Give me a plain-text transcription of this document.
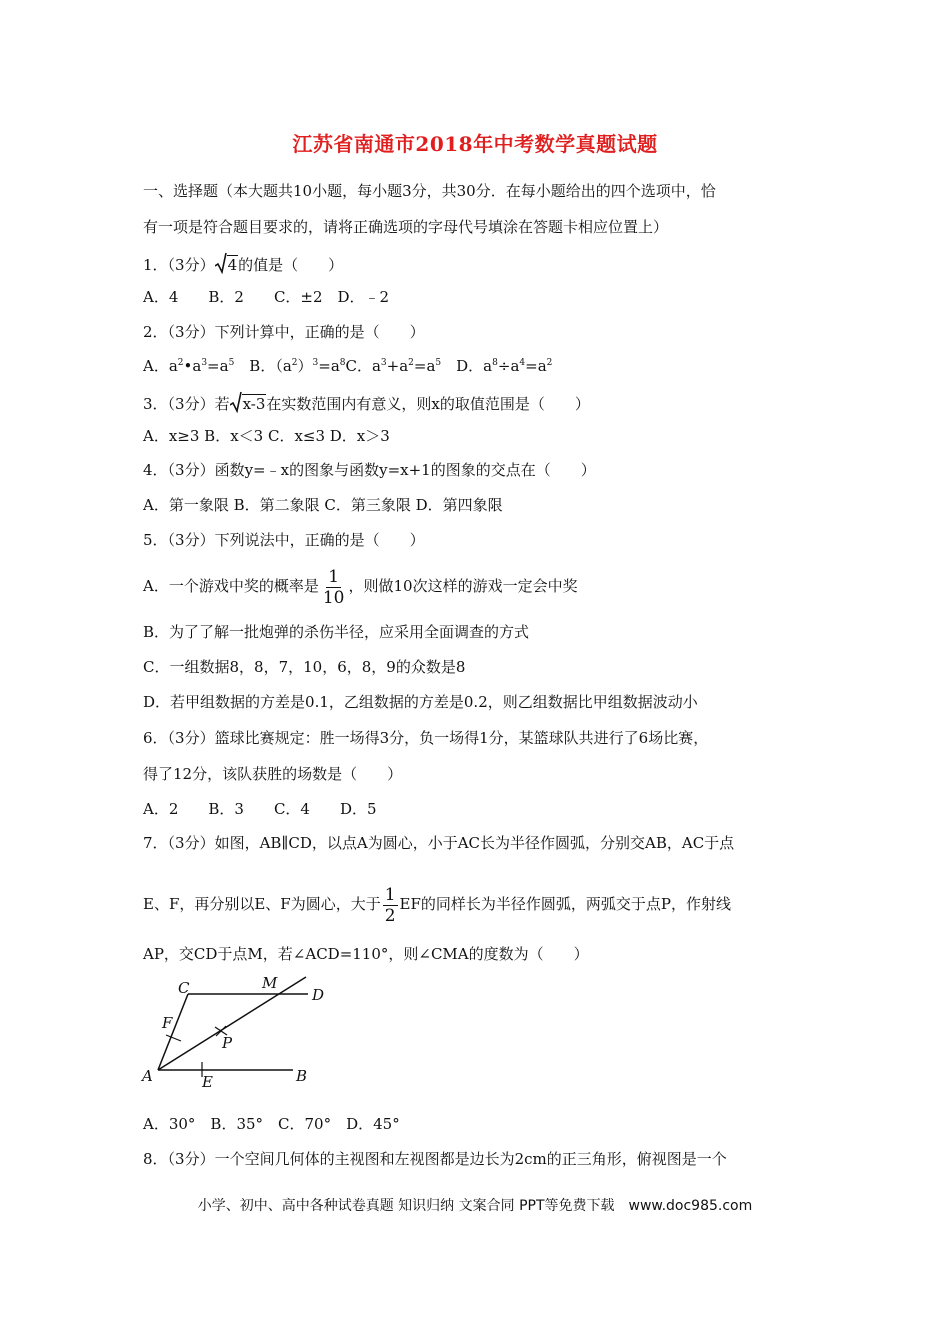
江苏省南通市2018年中考数学真题试题
一、选择题（本大题共10小题，每小题3分，共30分．在每小题给出的四个选项中，恰
有一项是符合题目要求的，请将正确选项的字母代号填涂在答题卡相应位置上）
1．（3分） 4 的值是（　　）
A．4　　B．2　　C．±2　D．﹣2
2．（3分）下列计算中，正确的是（　　）
A．$a^2•a^3=a^5$　B．$(a^2)^3=a^8C$．$a^3+a^2=a^5$　D．$a^8\div a^4=a^2$
3．（3分）若 x-3 在实数范围内有意义，则x的取值范围是（　　）
A．x≥3 B．x＜3 C．x≤3 D．x＞3
4．（3分）函数y=﹣x的图象与函数y=x+1的图象的交点在（　　）
A．第一象限 B．第二象限 C．第三象限 D．第四象限
5．（3分）下列说法中，正确的是（　　）
A．一个游戏中奖的概率是 $\frac{1}{10}$ ，则做10次这样的游戏一定会中奖
B．为了了解一批炮弹的杀伤半径，应采用全面调查的方式
C．一组数据8，8，7，10，6，8，9的众数是8
D．若甲组数据的方差是0.1，乙组数据的方差是0.2，则乙组数据比甲组数据波动小
6．（3分）篮球比赛规定：胜一场得3分，负一场得1分，某篮球队共进行了6场比赛，
得了12分，该队获胜的场数是（　　）
A．2　　B．3　　C．4　　D．5
7．（3分）如图，AB∥CD，以点A为圆心，小于AC长为半径作圆弧，分别交AB，AC于点
E、F，再分别以E、F为圆心，大于 $\frac{1}{2}$ EF的同样长为半径作圆弧，两弧交于点P，作射线
AP，交CD于点M，若∠ACD=110°，则∠CMA的度数为（　　）
C	M
D
F
P
A	E	B
A．30°　B．35°　C．70°　D．45°
8．（3分）一个空间几何体的主视图和左视图都是边长为2cm的正三角形，俯视图是一个
小学、初中、高中各种试卷真题 知识归纳 文案合同 PPT等免费下载　www.doc985.com
